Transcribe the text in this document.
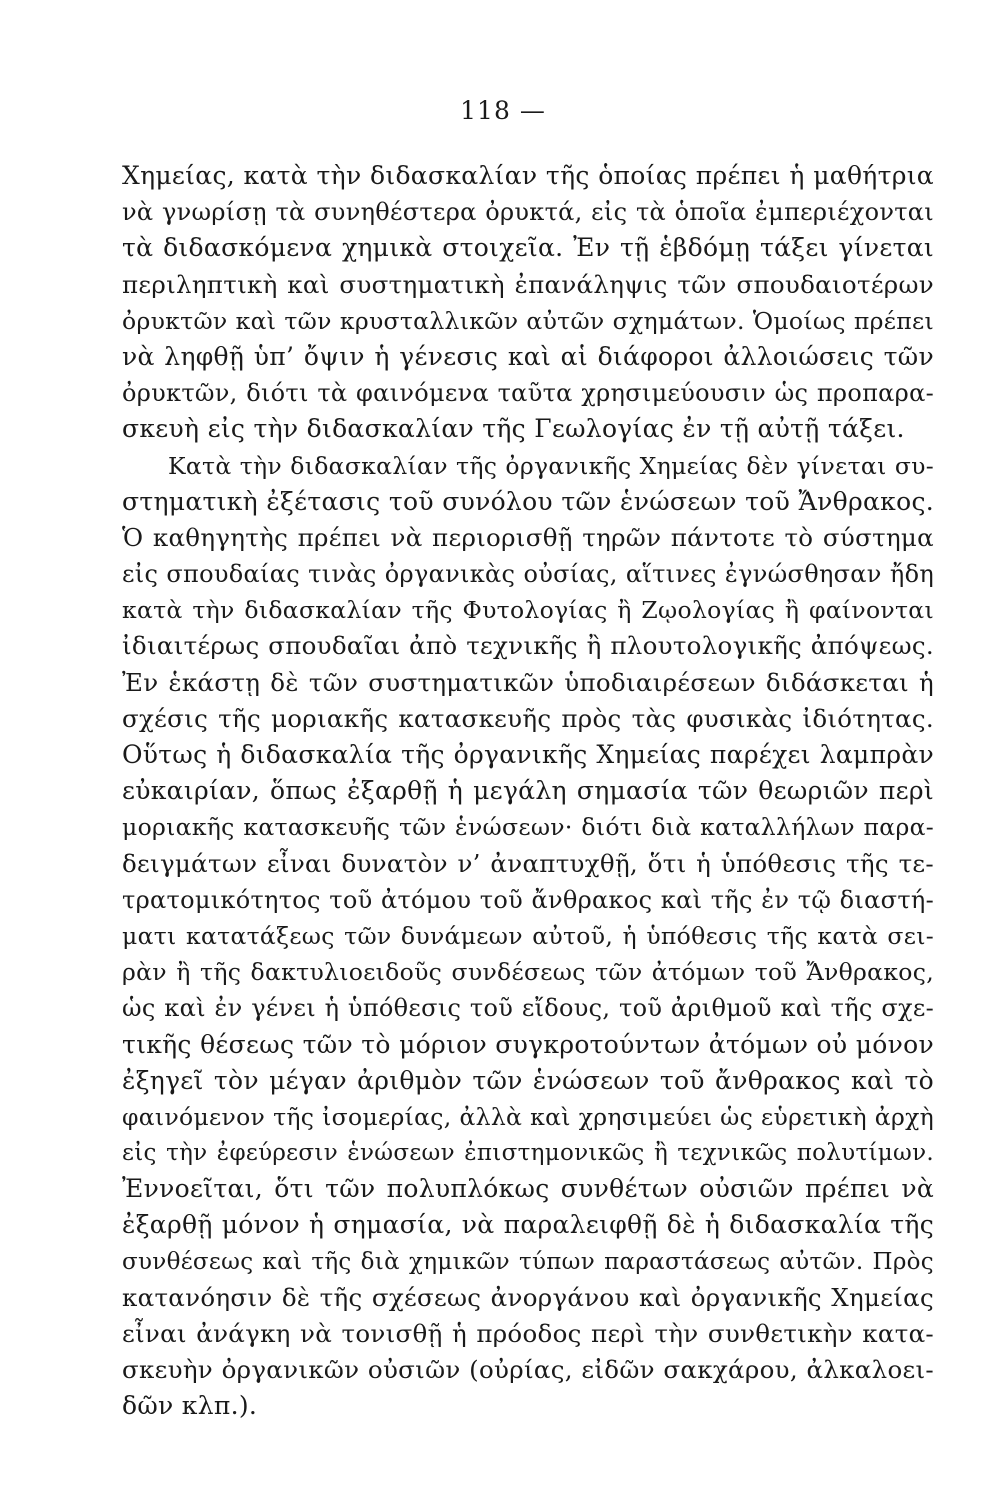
118 —
Χημείας, κατὰ τὴν διδασκαλίαν τῆς ὁποίας πρέπει ἡ μαθήτρια
νὰ γνωρίσῃ τὰ συνηθέστερα ὀρυκτά, εἰς τὰ ὁποῖα ἐμπεριέχονται
τὰ διδασκόμενα χημικὰ στοιχεῖα. Ἐν τῇ ἑβδόμῃ τάξει γίνεται
περιληπτικὴ καὶ συστηματικὴ ἐπανάληψις τῶν σπουδαιοτέρων
ὀρυκτῶν καὶ τῶν κρυσταλλικῶν αὐτῶν σχημάτων. Ὁμοίως πρέπει
νὰ ληφθῇ ὑπ’ ὄψιν ἡ γένεσις καὶ αἱ διάφοροι ἀλλοιώσεις τῶν
ὀρυκτῶν, διότι τὰ φαινόμενα ταῦτα χρησιμεύουσιν ὡς προπαρα-
σκευὴ εἰς τὴν διδασκαλίαν τῆς Γεωλογίας ἐν τῇ αὐτῇ τάξει.
Κατὰ τὴν διδασκαλίαν τῆς ὀργανικῆς Χημείας δὲν γίνεται συ-
στηματικὴ ἐξέτασις τοῦ συνόλου τῶν ἑνώσεων τοῦ Ἄνθρακος.
Ὁ καθηγητὴς πρέπει νὰ περιορισθῇ τηρῶν πάντοτε τὸ σύστημα
εἰς σπουδαίας τινὰς ὀργανικὰς οὐσίας, αἵτινες ἐγνώσθησαν ἤδη
κατὰ τὴν διδασκαλίαν τῆς Φυτολογίας ἢ Ζῳολογίας ἢ φαίνονται
ἰδιαιτέρως σπουδαῖαι ἀπὸ τεχνικῆς ἢ πλουτολογικῆς ἀπόψεως.
Ἐν ἑκάστῃ δὲ τῶν συστηματικῶν ὑποδιαιρέσεων διδάσκεται ἡ
σχέσις τῆς μοριακῆς κατασκευῆς πρὸς τὰς φυσικὰς ἰδιότητας.
Οὕτως ἡ διδασκαλία τῆς ὀργανικῆς Χημείας παρέχει λαμπρὰν
εὐκαιρίαν, ὅπως ἐξαρθῇ ἡ μεγάλη σημασία τῶν θεωριῶν περὶ
μοριακῆς κατασκευῆς τῶν ἑνώσεων· διότι διὰ καταλλήλων παρα-
δειγμάτων εἶναι δυνατὸν ν’ ἀναπτυχθῇ, ὅτι ἡ ὑπόθεσις τῆς τε-
τρατομικότητος τοῦ ἀτόμου τοῦ ἄνθρακος καὶ τῆς ἐν τῷ διαστή-
ματι κατατάξεως τῶν δυνάμεων αὐτοῦ, ἡ ὑπόθεσις τῆς κατὰ σει-
ρὰν ἢ τῆς δακτυλιοειδοῦς συνδέσεως τῶν ἀτόμων τοῦ Ἄνθρακος,
ὡς καὶ ἐν γένει ἡ ὑπόθεσις τοῦ εἴδους, τοῦ ἀριθμοῦ καὶ τῆς σχε-
τικῆς θέσεως τῶν τὸ μόριον συγκροτούντων ἀτόμων οὐ μόνον
ἐξηγεῖ τὸν μέγαν ἀριθμὸν τῶν ἑνώσεων τοῦ ἄνθρακος καὶ τὸ
φαινόμενον τῆς ἰσομερίας, ἀλλὰ καὶ χρησιμεύει ὡς εὑρετικὴ ἀρχὴ
εἰς τὴν ἐφεύρεσιν ἑνώσεων ἐπιστημονικῶς ἢ τεχνικῶς πολυτίμων.
Ἐννοεῖται, ὅτι τῶν πολυπλόκως συνθέτων οὐσιῶν πρέπει νὰ
ἐξαρθῇ μόνον ἡ σημασία, νὰ παραλειφθῇ δὲ ἡ διδασκαλία τῆς
συνθέσεως καὶ τῆς διὰ χημικῶν τύπων παραστάσεως αὐτῶν. Πρὸς
κατανόησιν δὲ τῆς σχέσεως ἀνοργάνου καὶ ὀργανικῆς Χημείας
εἶναι ἀνάγκη νὰ τονισθῇ ἡ πρόοδος περὶ τὴν συνθετικὴν κατα-
σκευὴν ὀργανικῶν οὐσιῶν (οὐρίας, εἰδῶν σακχάρου, ἀλκαλοει-
δῶν κλπ.).
